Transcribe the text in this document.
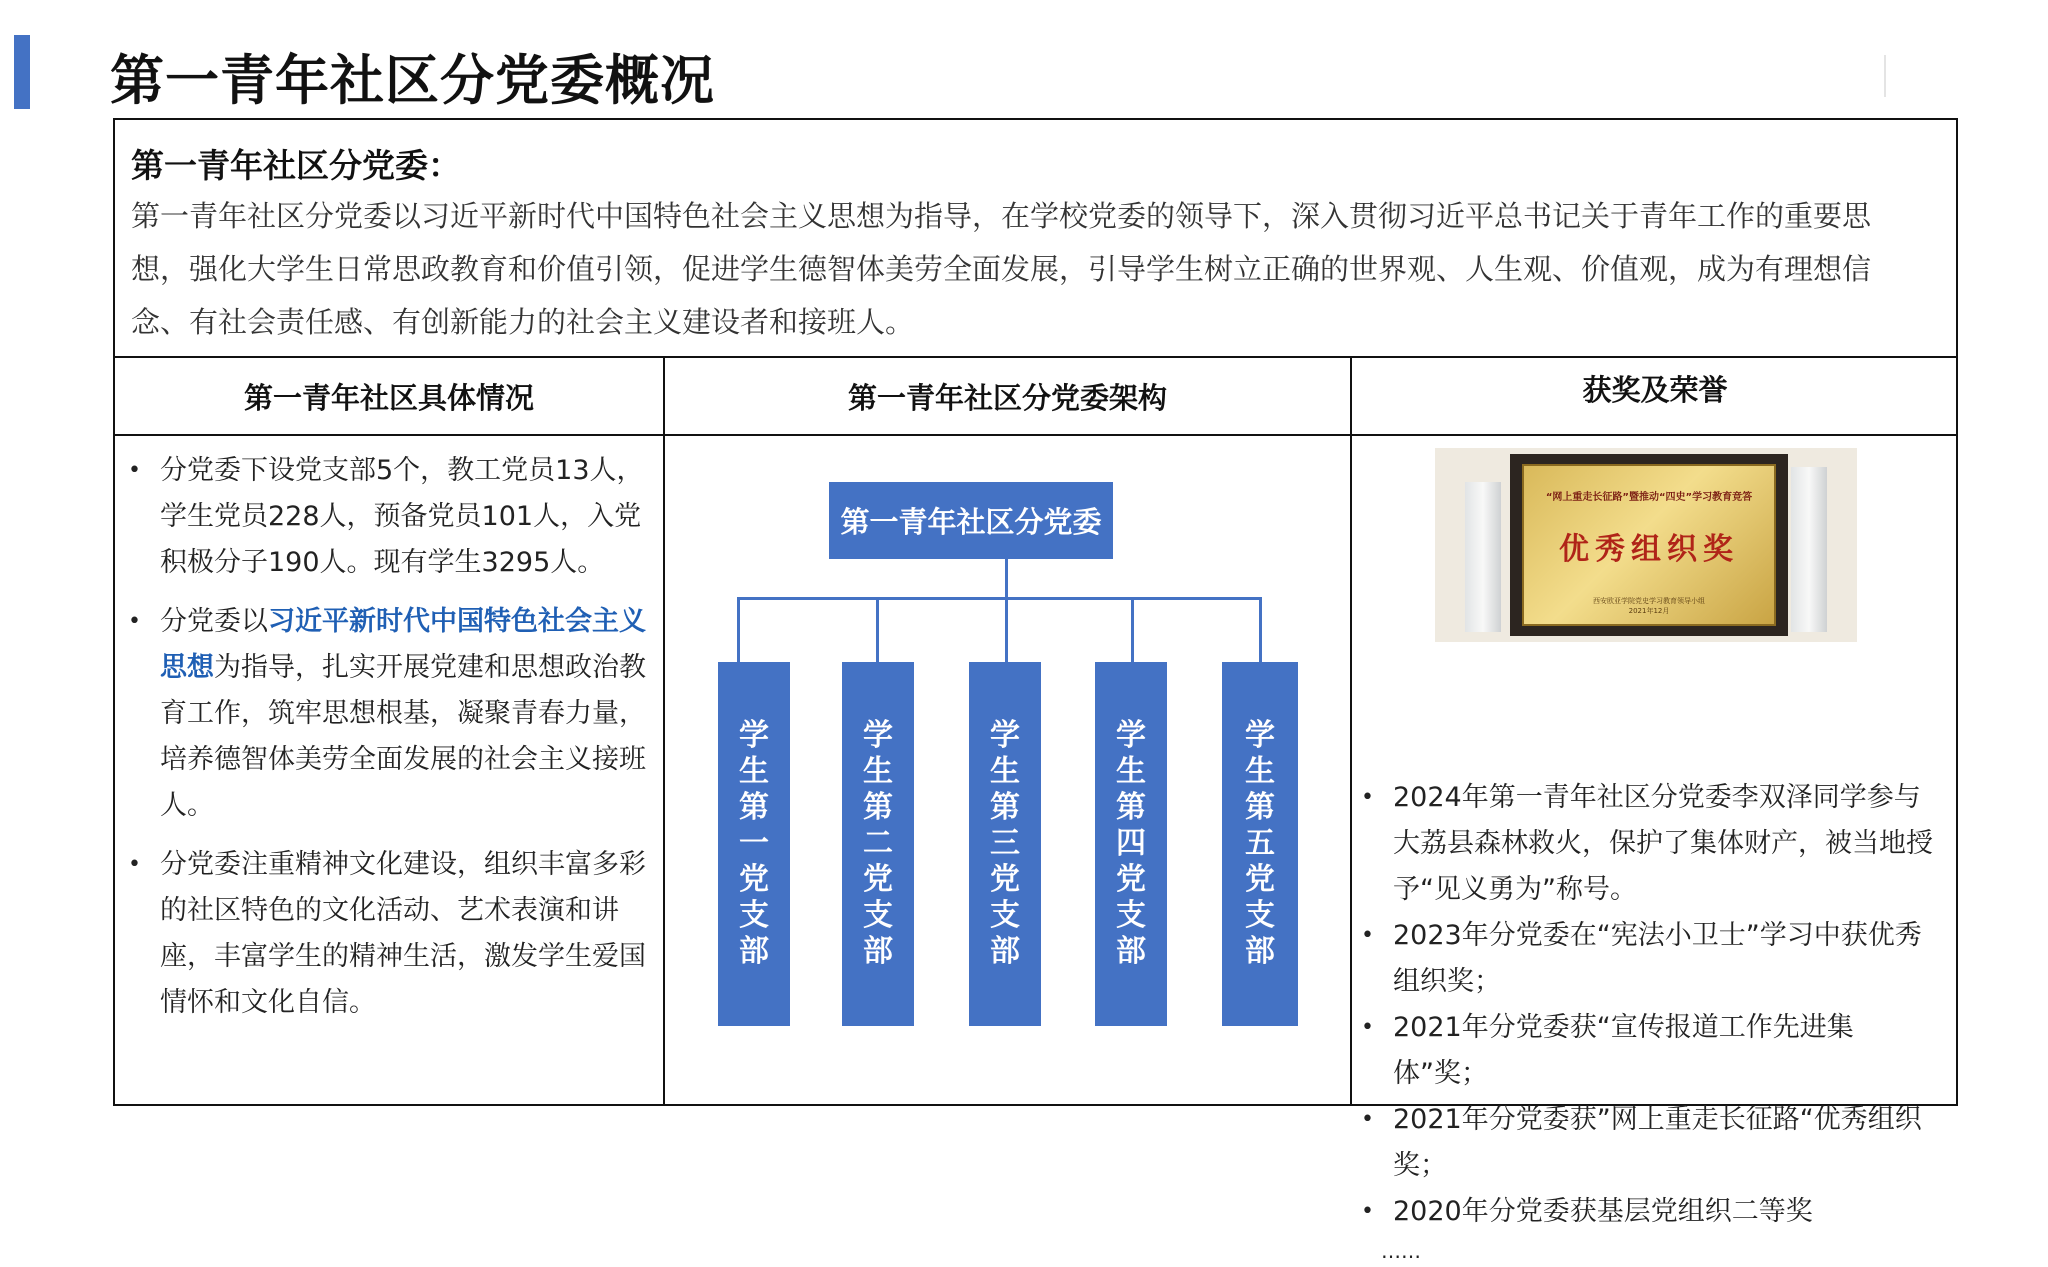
第一青年社区分党委概况
第一青年社区分党委：
第一青年社区分党委以习近平新时代中国特色社会主义思想为指导，在学校党委的领导下，深入贯彻习近平总书记关于青年工作的重要思想，强化大学生日常思政教育和价值引领，促进学生德智体美劳全面发展，引导学生树立正确的世界观、人生观、价值观，成为有理想信念、有社会责任感、有创新能力的社会主义建设者和接班人。
第一青年社区具体情况	第一青年社区分党委架构	获奖及荣誉
• 分党委下设党支部5个，教工党员13人，学生党员228人，预备党员101人，入党积极分子190人。现有学生3295人。
• 分党委以习近平新时代中国特色社会主义思想为指导，扎实开展党建和思想政治教育工作，筑牢思想根基，凝聚青春力量，培养德智体美劳全面发展的社会主义接班人。
• 分党委注重精神文化建设，组织丰富多彩的社区特色的文化活动、艺术表演和讲座，丰富学生的精神生活，激发学生爱国情怀和文化自信。
• 2024年第一青年社区分党委李双泽同学参与大荔县森林救火，保护了集体财产，被当地授予“见义勇为”称号。
• 2023年分党委在“宪法小卫士”学习中获优秀组织奖；
• 2021年分党委获“宣传报道工作先进集体”奖；
• 2021年分党委获”网上重走长征路“优秀组织奖；
• 2020年分党委获基层党组织二等奖
……
第一青年社区分党委
学
生
第
一
党
支
部
学
生
第
二
党
支
部
学
生
第
三
党
支
部
学
生
第
四
党
支
部
学
生
第
五
党
支
部
“网上重走长征路”暨推动“四史”学习教育竞答
优秀组织奖
西安欧亚学院党史学习教育领导小组
2021年12月
